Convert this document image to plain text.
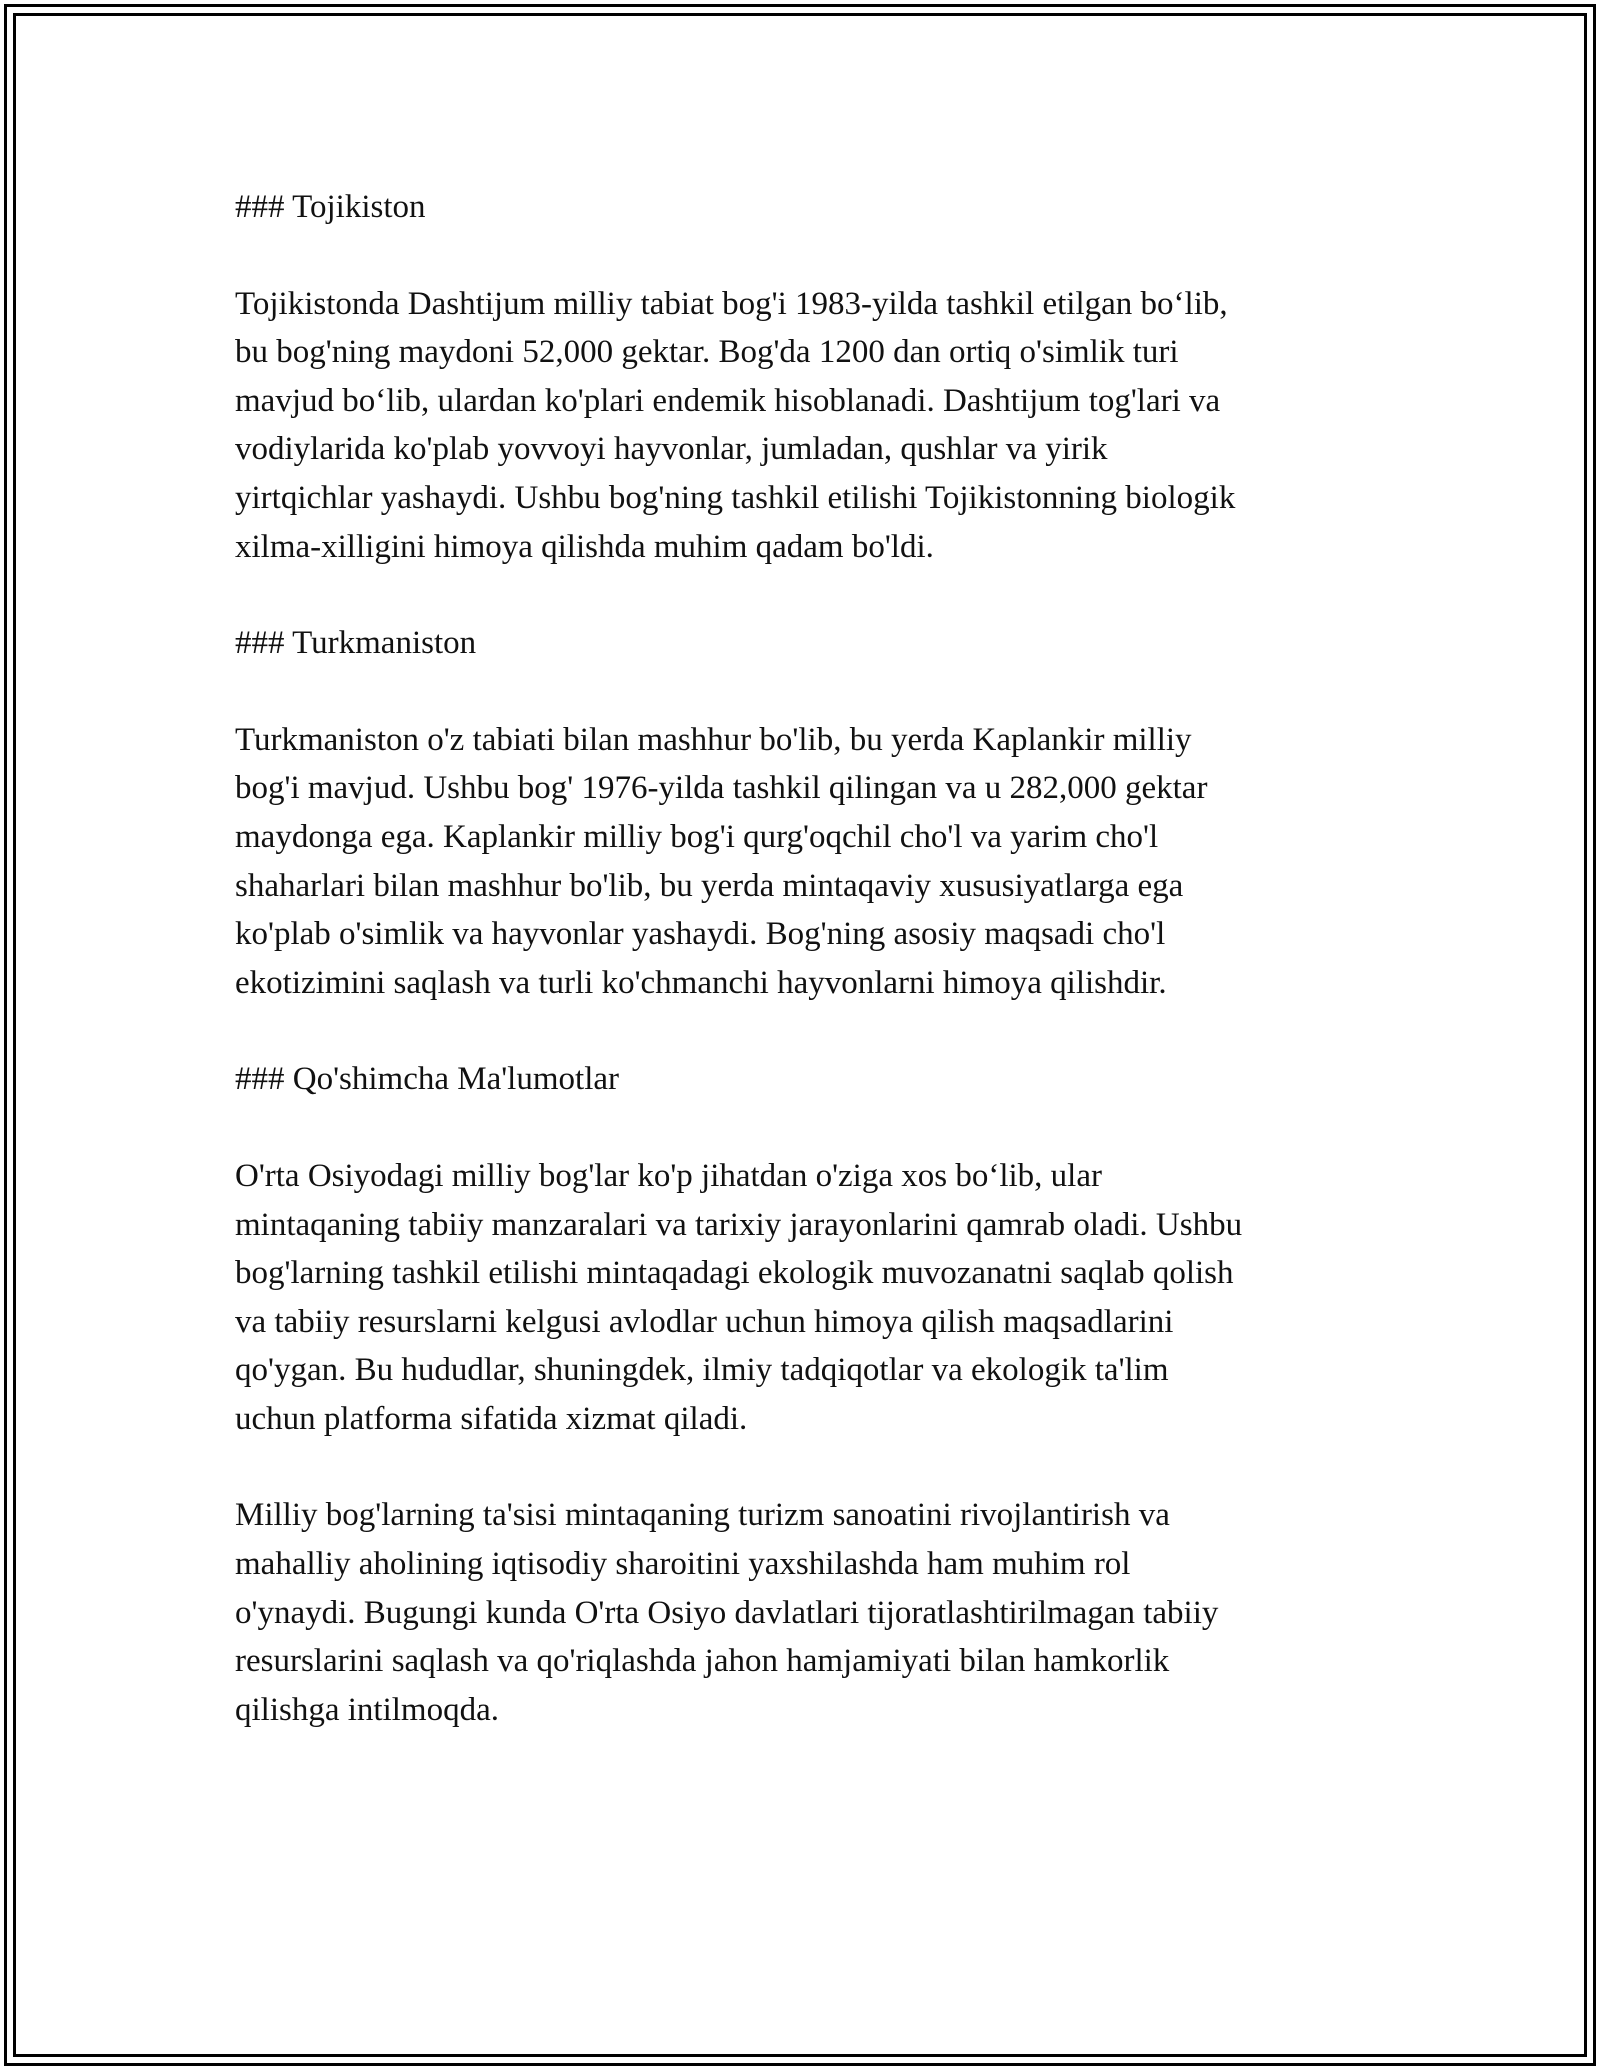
### Tojikiston

Tojikistonda Dashtijum milliy tabiat bog'i 1983-yilda tashkil etilgan bo‘lib,
bu bog'ning maydoni 52,000 gektar. Bog'da 1200 dan ortiq o'simlik turi
mavjud bo‘lib, ulardan ko'plari endemik hisoblanadi. Dashtijum tog'lari va
vodiylarida ko'plab yovvoyi hayvonlar, jumladan, qushlar va yirik
yirtqichlar yashaydi. Ushbu bog'ning tashkil etilishi Tojikistonning biologik
xilma-xilligini himoya qilishda muhim qadam bo'ldi.

### Turkmaniston

Turkmaniston o'z tabiati bilan mashhur bo'lib, bu yerda Kaplankir milliy
bog'i mavjud. Ushbu bog' 1976-yilda tashkil qilingan va u 282,000 gektar
maydonga ega. Kaplankir milliy bog'i qurg'oqchil cho'l va yarim cho'l
shaharlari bilan mashhur bo'lib, bu yerda mintaqaviy xususiyatlarga ega
ko'plab o'simlik va hayvonlar yashaydi. Bog'ning asosiy maqsadi cho'l
ekotizimini saqlash va turli ko'chmanchi hayvonlarni himoya qilishdir.

### Qo'shimcha Ma'lumotlar

O'rta Osiyodagi milliy bog'lar ko'p jihatdan o'ziga xos bo‘lib, ular
mintaqaning tabiiy manzaralari va tarixiy jarayonlarini qamrab oladi. Ushbu
bog'larning tashkil etilishi mintaqadagi ekologik muvozanatni saqlab qolish
va tabiiy resurslarni kelgusi avlodlar uchun himoya qilish maqsadlarini
qo'ygan. Bu hududlar, shuningdek, ilmiy tadqiqotlar va ekologik ta'lim
uchun platforma sifatida xizmat qiladi.

Milliy bog'larning ta'sisi mintaqaning turizm sanoatini rivojlantirish va
mahalliy aholining iqtisodiy sharoitini yaxshilashda ham muhim rol
o'ynaydi. Bugungi kunda O'rta Osiyo davlatlari tijoratlashtirilmagan tabiiy
resurslarini saqlash va qo'riqlashda jahon hamjamiyati bilan hamkorlik
qilishga intilmoqda.
